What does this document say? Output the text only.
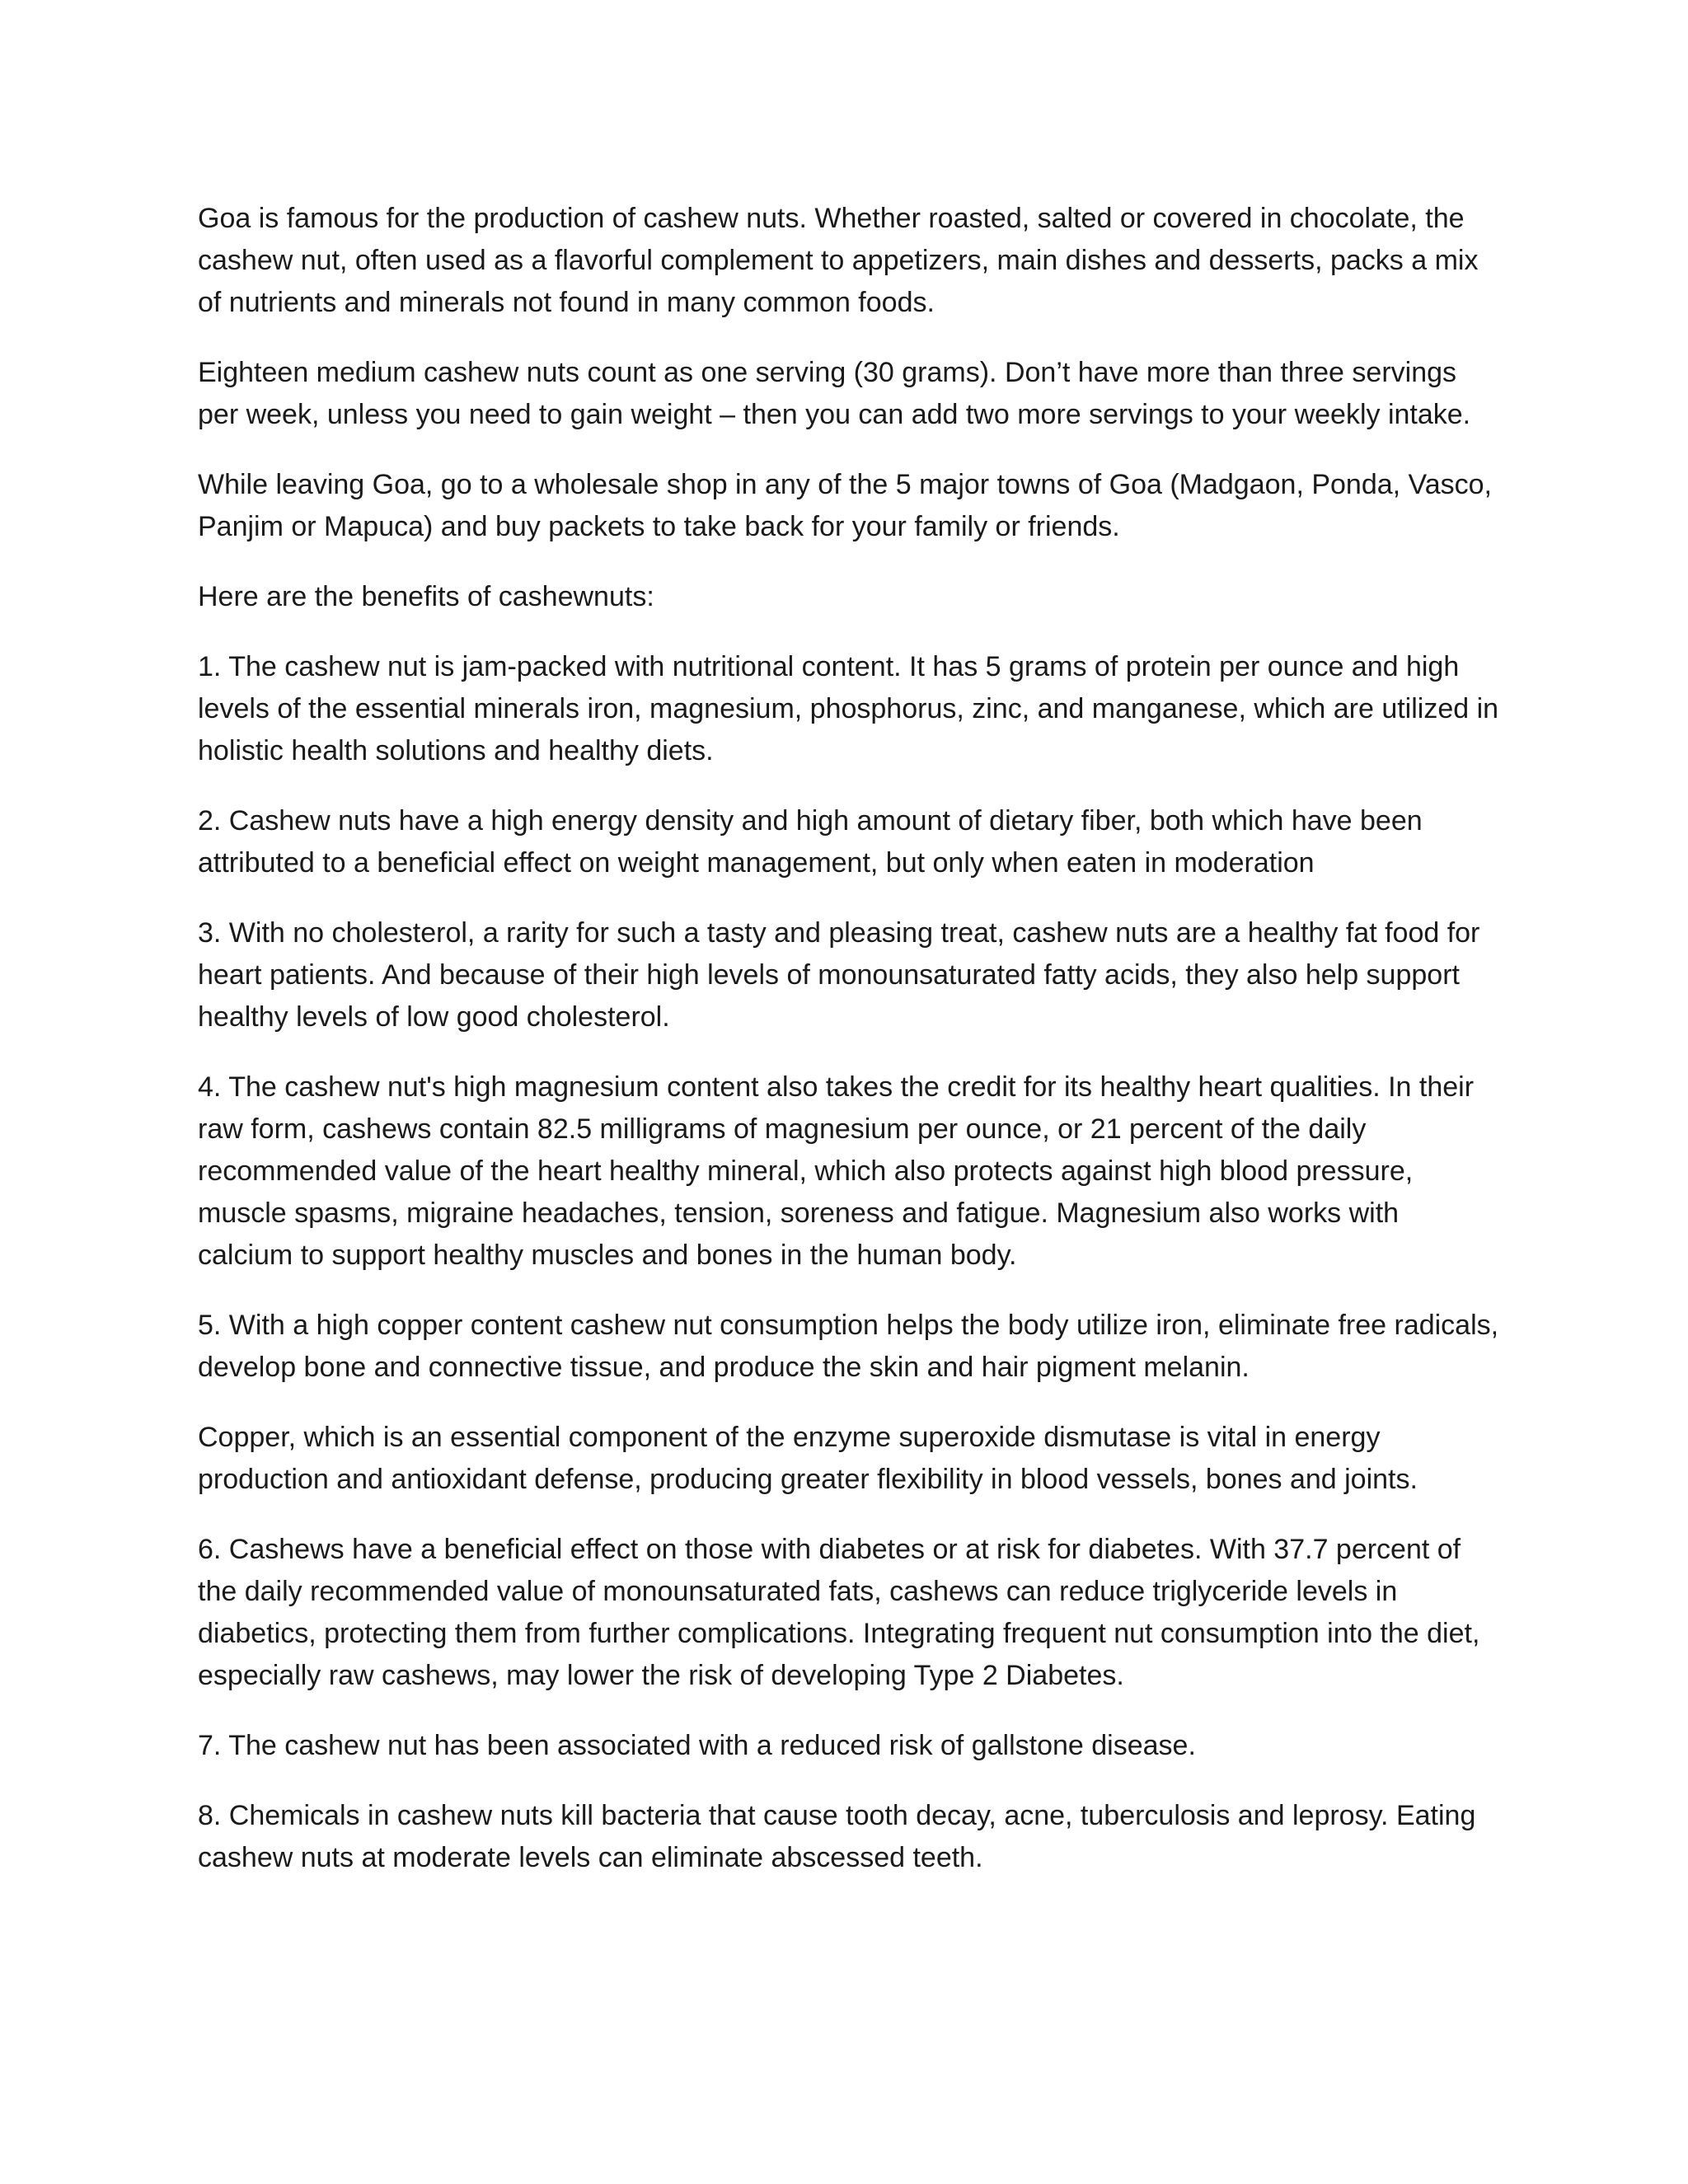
Goa is famous for the production of cashew nuts. Whether roasted, salted or covered in chocolate, the cashew nut, often used as a flavorful complement to appetizers, main dishes and desserts, packs a mix of nutrients and minerals not found in many common foods.

Eighteen medium cashew nuts count as one serving (30 grams). Don’t have more than three servings per week, unless you need to gain weight – then you can add two more servings to your weekly intake.

While leaving Goa, go to a wholesale shop in any of the 5 major towns of Goa (Madgaon, Ponda, Vasco, Panjim or Mapuca) and buy packets to take back for your family or friends.

Here are the benefits of cashewnuts:

1. The cashew nut is jam-packed with nutritional content. It has 5 grams of protein per ounce and high levels of the essential minerals iron, magnesium, phosphorus, zinc, and manganese, which are utilized in holistic health solutions and healthy diets.

2. Cashew nuts have a high energy density and high amount of dietary fiber, both which have been attributed to a beneficial effect on weight management, but only when eaten in moderation

3. With no cholesterol, a rarity for such a tasty and pleasing treat, cashew nuts are a healthy fat food for heart patients. And because of their high levels of monounsaturated fatty acids, they also help support healthy levels of low good cholesterol.

4. The cashew nut's high magnesium content also takes the credit for its healthy heart qualities. In their raw form, cashews contain 82.5 milligrams of magnesium per ounce, or 21 percent of the daily recommended value of the heart healthy mineral, which also protects against high blood pressure, muscle spasms, migraine headaches, tension, soreness and fatigue. Magnesium also works with calcium to support healthy muscles and bones in the human body.

5. With a high copper content cashew nut consumption helps the body utilize iron, eliminate free radicals, develop bone and connective tissue, and produce the skin and hair pigment melanin.

Copper, which is an essential component of the enzyme superoxide dismutase is vital in energy production and antioxidant defense, producing greater flexibility in blood vessels, bones and joints.

6. Cashews have a beneficial effect on those with diabetes or at risk for diabetes. With 37.7 percent of the daily recommended value of monounsaturated fats, cashews can reduce triglyceride levels in diabetics, protecting them from further complications. Integrating frequent nut consumption into the diet, especially raw cashews, may lower the risk of developing Type 2 Diabetes.

7. The cashew nut has been associated with a reduced risk of gallstone disease.

8. Chemicals in cashew nuts kill bacteria that cause tooth decay, acne, tuberculosis and leprosy. Eating cashew nuts at moderate levels can eliminate abscessed teeth.
